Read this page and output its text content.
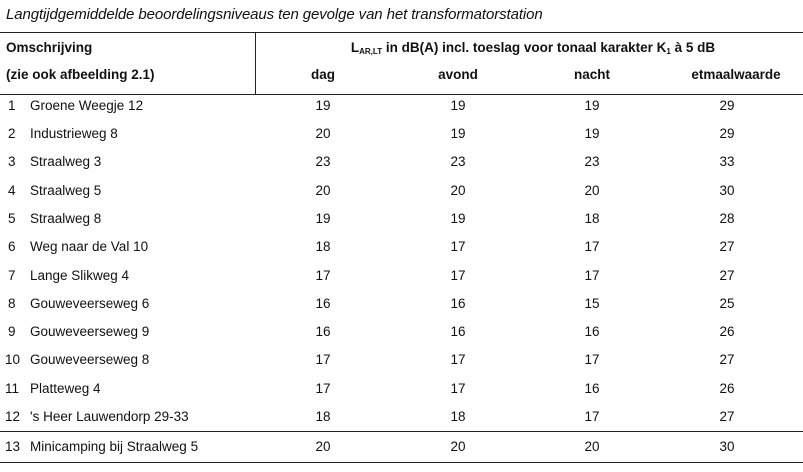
Langtijdgemiddelde beoordelingsniveaus ten gevolge van het transformatorstation
Omschrijving
(zie ook afbeelding 2.1)
$L_{AR,LT}$ in dB(A) incl. toeslag voor tonaal karakter $K_1$ à 5 dB
dag	avond	nacht	etmaalwaarde
1	Groene Weegje 12	19	19	19	29
2	Industrieweg 8	20	19	19	29
3	Straalweg 3	23	23	23	33
4	Straalweg 5	20	20	20	30
5	Straalweg 8	19	19	18	28
6	Weg naar de Val 10	18	17	17	27
7	Lange Slikweg 4	17	17	17	27
8	Gouweveerseweg 6	16	16	15	25
9	Gouweveerseweg 9	16	16	16	26
10 Gouweveerseweg 8	17	17	17	27
11 Platteweg 4	17	17	16	26
12 's Heer Lauwendorp 29-33	18	18	17	27
13 Minicamping bij Straalweg 5	20	20	20	30
